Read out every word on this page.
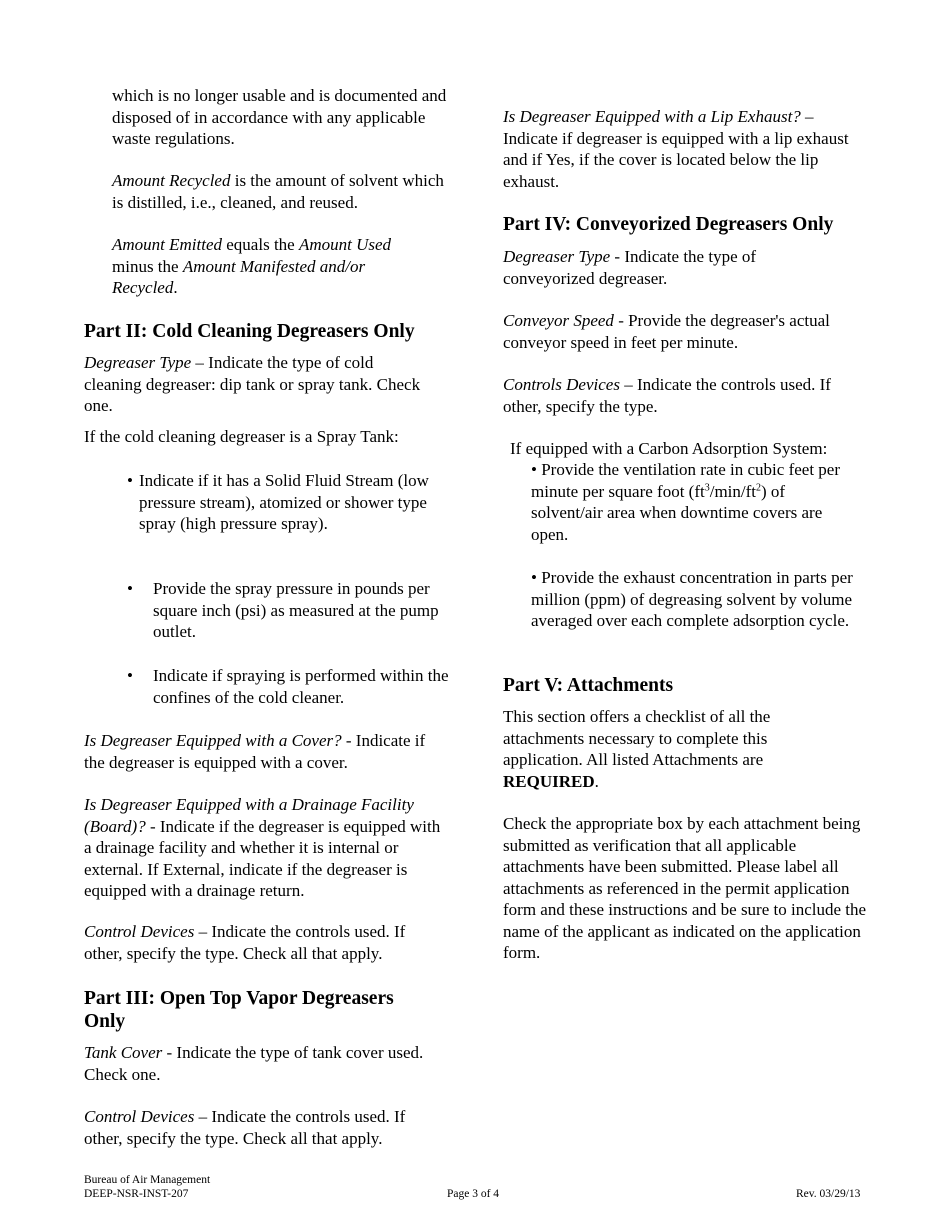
which is no longer usable and is documented and disposed of in accordance with any applicable waste regulations.

Amount Recycled is the amount of solvent which is distilled, i.e., cleaned, and reused.

Amount Emitted equals the Amount Used minus the Amount Manifested and/or Recycled.

Part II: Cold Cleaning Degreasers Only

Degreaser Type – Indicate the type of cold cleaning degreaser: dip tank or spray tank. Check one.

If the cold cleaning degreaser is a Spray Tank:

• Indicate if it has a Solid Fluid Stream (low pressure stream), atomized or shower type spray (high pressure spray).
• Provide the spray pressure in pounds per square inch (psi) as measured at the pump outlet.
• Indicate if spraying is performed within the confines of the cold cleaner.

Is Degreaser Equipped with a Cover? - Indicate if the degreaser is equipped with a cover.

Is Degreaser Equipped with a Drainage Facility (Board)? - Indicate if the degreaser is equipped with a drainage facility and whether it is internal or external. If External, indicate if the degreaser is equipped with a drainage return.

Control Devices – Indicate the controls used. If other, specify the type. Check all that apply.

Part III: Open Top Vapor Degreasers Only

Tank Cover - Indicate the type of tank cover used. Check one.

Control Devices – Indicate the controls used. If other, specify the type. Check all that apply.

Is Degreaser Equipped with a Lip Exhaust? – Indicate if degreaser is equipped with a lip exhaust and if Yes, if the cover is located below the lip exhaust.

Part IV: Conveyorized Degreasers Only

Degreaser Type - Indicate the type of conveyorized degreaser.

Conveyor Speed - Provide the degreaser's actual conveyor speed in feet per minute.

Controls Devices – Indicate the controls used. If other, specify the type.

If equipped with a Carbon Adsorption System:

• Provide the ventilation rate in cubic feet per minute per square foot $(ft^3/\min/ft^2)$ of solvent/air area when downtime covers are open.

• Provide the exhaust concentration in parts per million (ppm) of degreasing solvent by volume averaged over each complete adsorption cycle.

Part V: Attachments

This section offers a checklist of all the attachments necessary to complete this application. All listed Attachments are REQUIRED.

Check the appropriate box by each attachment being submitted as verification that all applicable attachments have been submitted. Please label all attachments as referenced in the permit application form and these instructions and be sure to include the name of the applicant as indicated on the application form.

Bureau of Air Management
DEEP-NSR-INST-207	Page 3 of 4	Rev. 03/29/13
